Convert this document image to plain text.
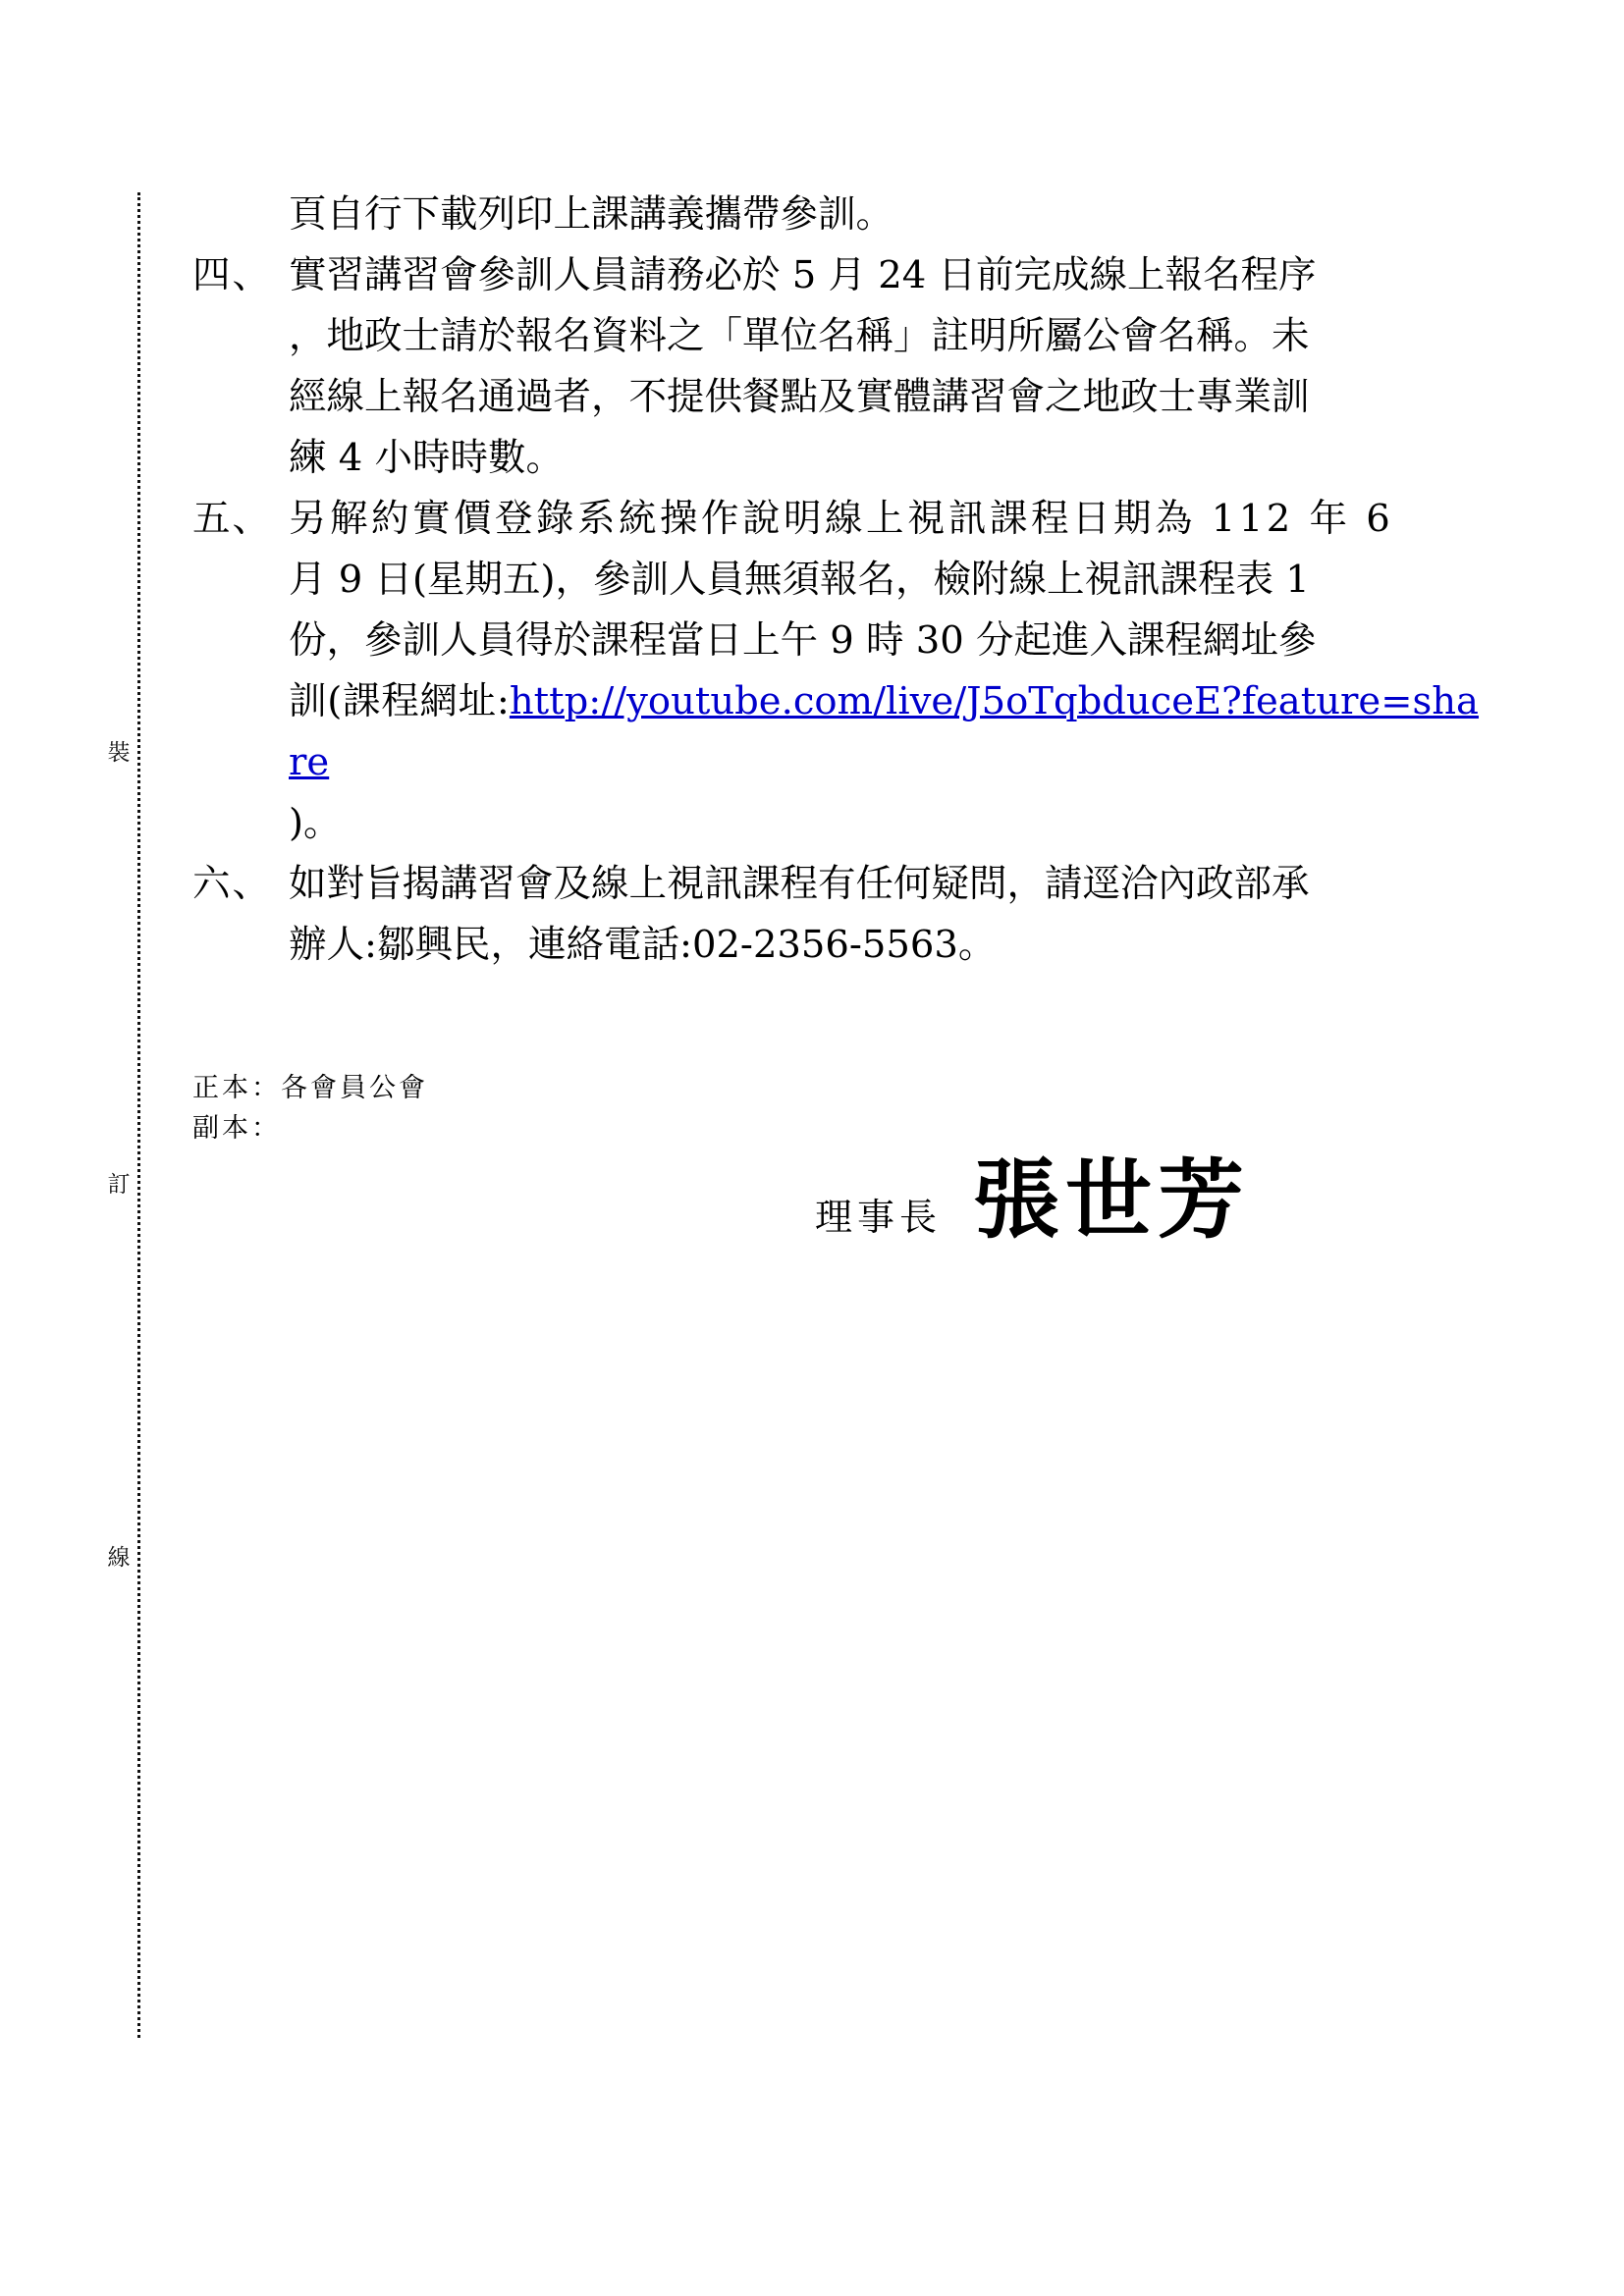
裝
訂
線
頁自行下載列印上課講義攜帶參訓。
四、 實習講習會參訓人員請務必於 5 月 24 日前完成線上報名程序
，地政士請於報名資料之「單位名稱」註明所屬公會名稱。未
經線上報名通過者，不提供餐點及實體講習會之地政士專業訓
練 4 小時時數。
五、 另解約實價登錄系統操作說明線上視訊課程日期為 112 年 6
月 9 日(星期五)，參訓人員無須報名，檢附線上視訊課程表 1
份，參訓人員得於課程當日上午 9 時 30 分起進入課程網址參
訓(課程網址:http://youtube.com/live/J5oTqbduceE?feature=share
)。
六、 如對旨揭講習會及線上視訊課程有任何疑問，請逕洽內政部承
辦人:鄒興民，連絡電話:02-2356-5563。
正本：各會員公會
副本：
理事長 張世芳
